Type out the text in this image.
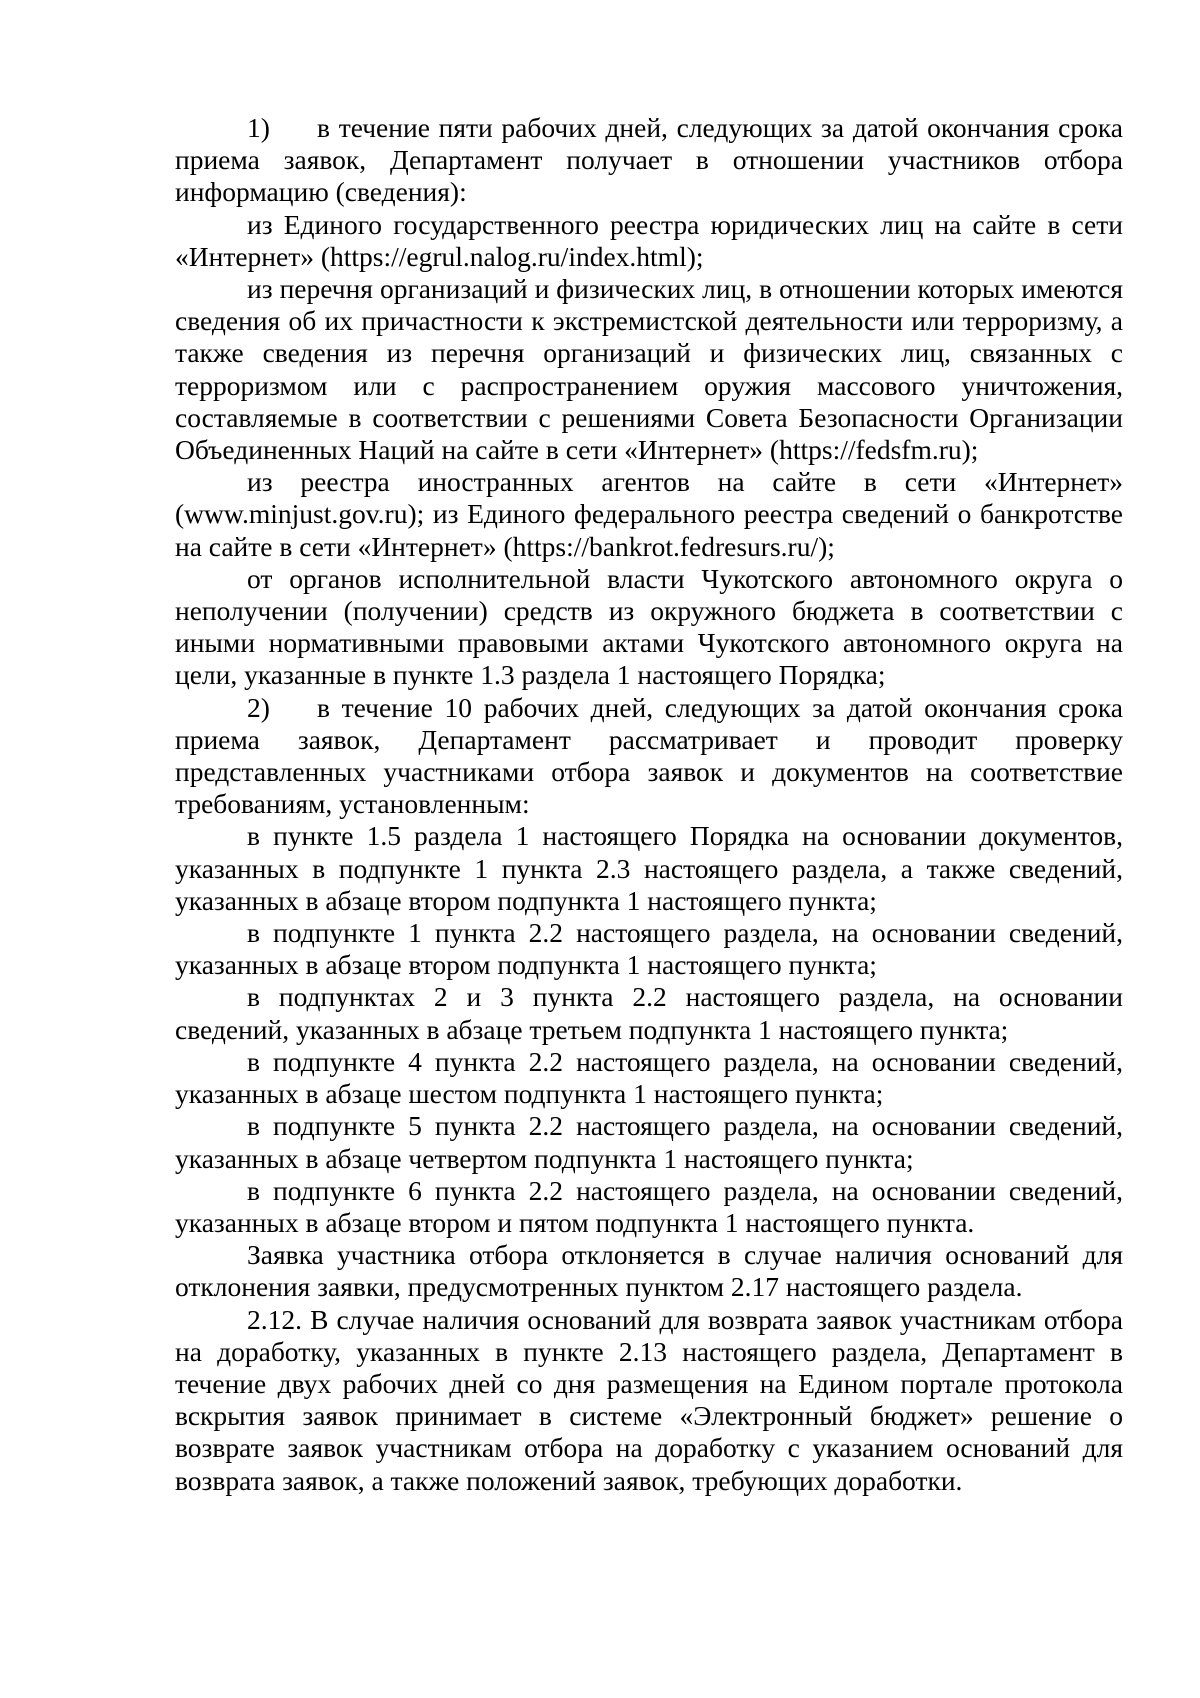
1) в течение пяти рабочих дней, следующих за датой окончания срока приема заявок, Департамент получает в отношении участников отбора информацию (сведения):

из Единого государственного реестра юридических лиц на сайте в сети «Интернет» (https://egrul.nalog.ru/index.html);

из перечня организаций и физических лиц, в отношении которых имеются сведения об их причастности к экстремистской деятельности или терроризму, а также сведения из перечня организаций и физических лиц, связанных с терроризмом или с распространением оружия массового уничтожения, составляемые в соответствии с решениями Совета Безопасности Организации Объединенных Наций на сайте в сети «Интернет» (https://fedsfm.ru);

из реестра иностранных агентов на сайте в сети «Интернет» (www.minjust.gov.ru); из Единого федерального реестра сведений о банкротстве на сайте в сети «Интернет» (https://bankrot.fedresurs.ru/);

от органов исполнительной власти Чукотского автономного округа о неполучении (получении) средств из окружного бюджета в соответствии с иными нормативными правовыми актами Чукотского автономного округа на цели, указанные в пункте 1.3 раздела 1 настоящего Порядка;

2) в течение 10 рабочих дней, следующих за датой окончания срока приема заявок, Департамент рассматривает и проводит проверку представленных участниками отбора заявок и документов на соответствие требованиям, установленным:

в пункте 1.5 раздела 1 настоящего Порядка на основании документов, указанных в подпункте 1 пункта 2.3 настоящего раздела, а также сведений, указанных в абзаце втором подпункта 1 настоящего пункта;

в подпункте 1 пункта 2.2 настоящего раздела, на основании сведений, указанных в абзаце втором подпункта 1 настоящего пункта;

в подпунктах 2 и 3 пункта 2.2 настоящего раздела, на основании сведений, указанных в абзаце третьем подпункта 1 настоящего пункта;

в подпункте 4 пункта 2.2 настоящего раздела, на основании сведений, указанных в абзаце шестом подпункта 1 настоящего пункта;

в подпункте 5 пункта 2.2 настоящего раздела, на основании сведений, указанных в абзаце четвертом подпункта 1 настоящего пункта;

в подпункте 6 пункта 2.2 настоящего раздела, на основании сведений, указанных в абзаце втором и пятом подпункта 1 настоящего пункта.

Заявка участника отбора отклоняется в случае наличия оснований для отклонения заявки, предусмотренных пунктом 2.17 настоящего раздела.

2.12. В случае наличия оснований для возврата заявок участникам отбора на доработку, указанных в пункте 2.13 настоящего раздела, Департамент в течение двух рабочих дней со дня размещения на Едином портале протокола вскрытия заявок принимает в системе «Электронный бюджет» решение о возврате заявок участникам отбора на доработку с указанием оснований для возврата заявок, а также положений заявок, требующих доработки.
